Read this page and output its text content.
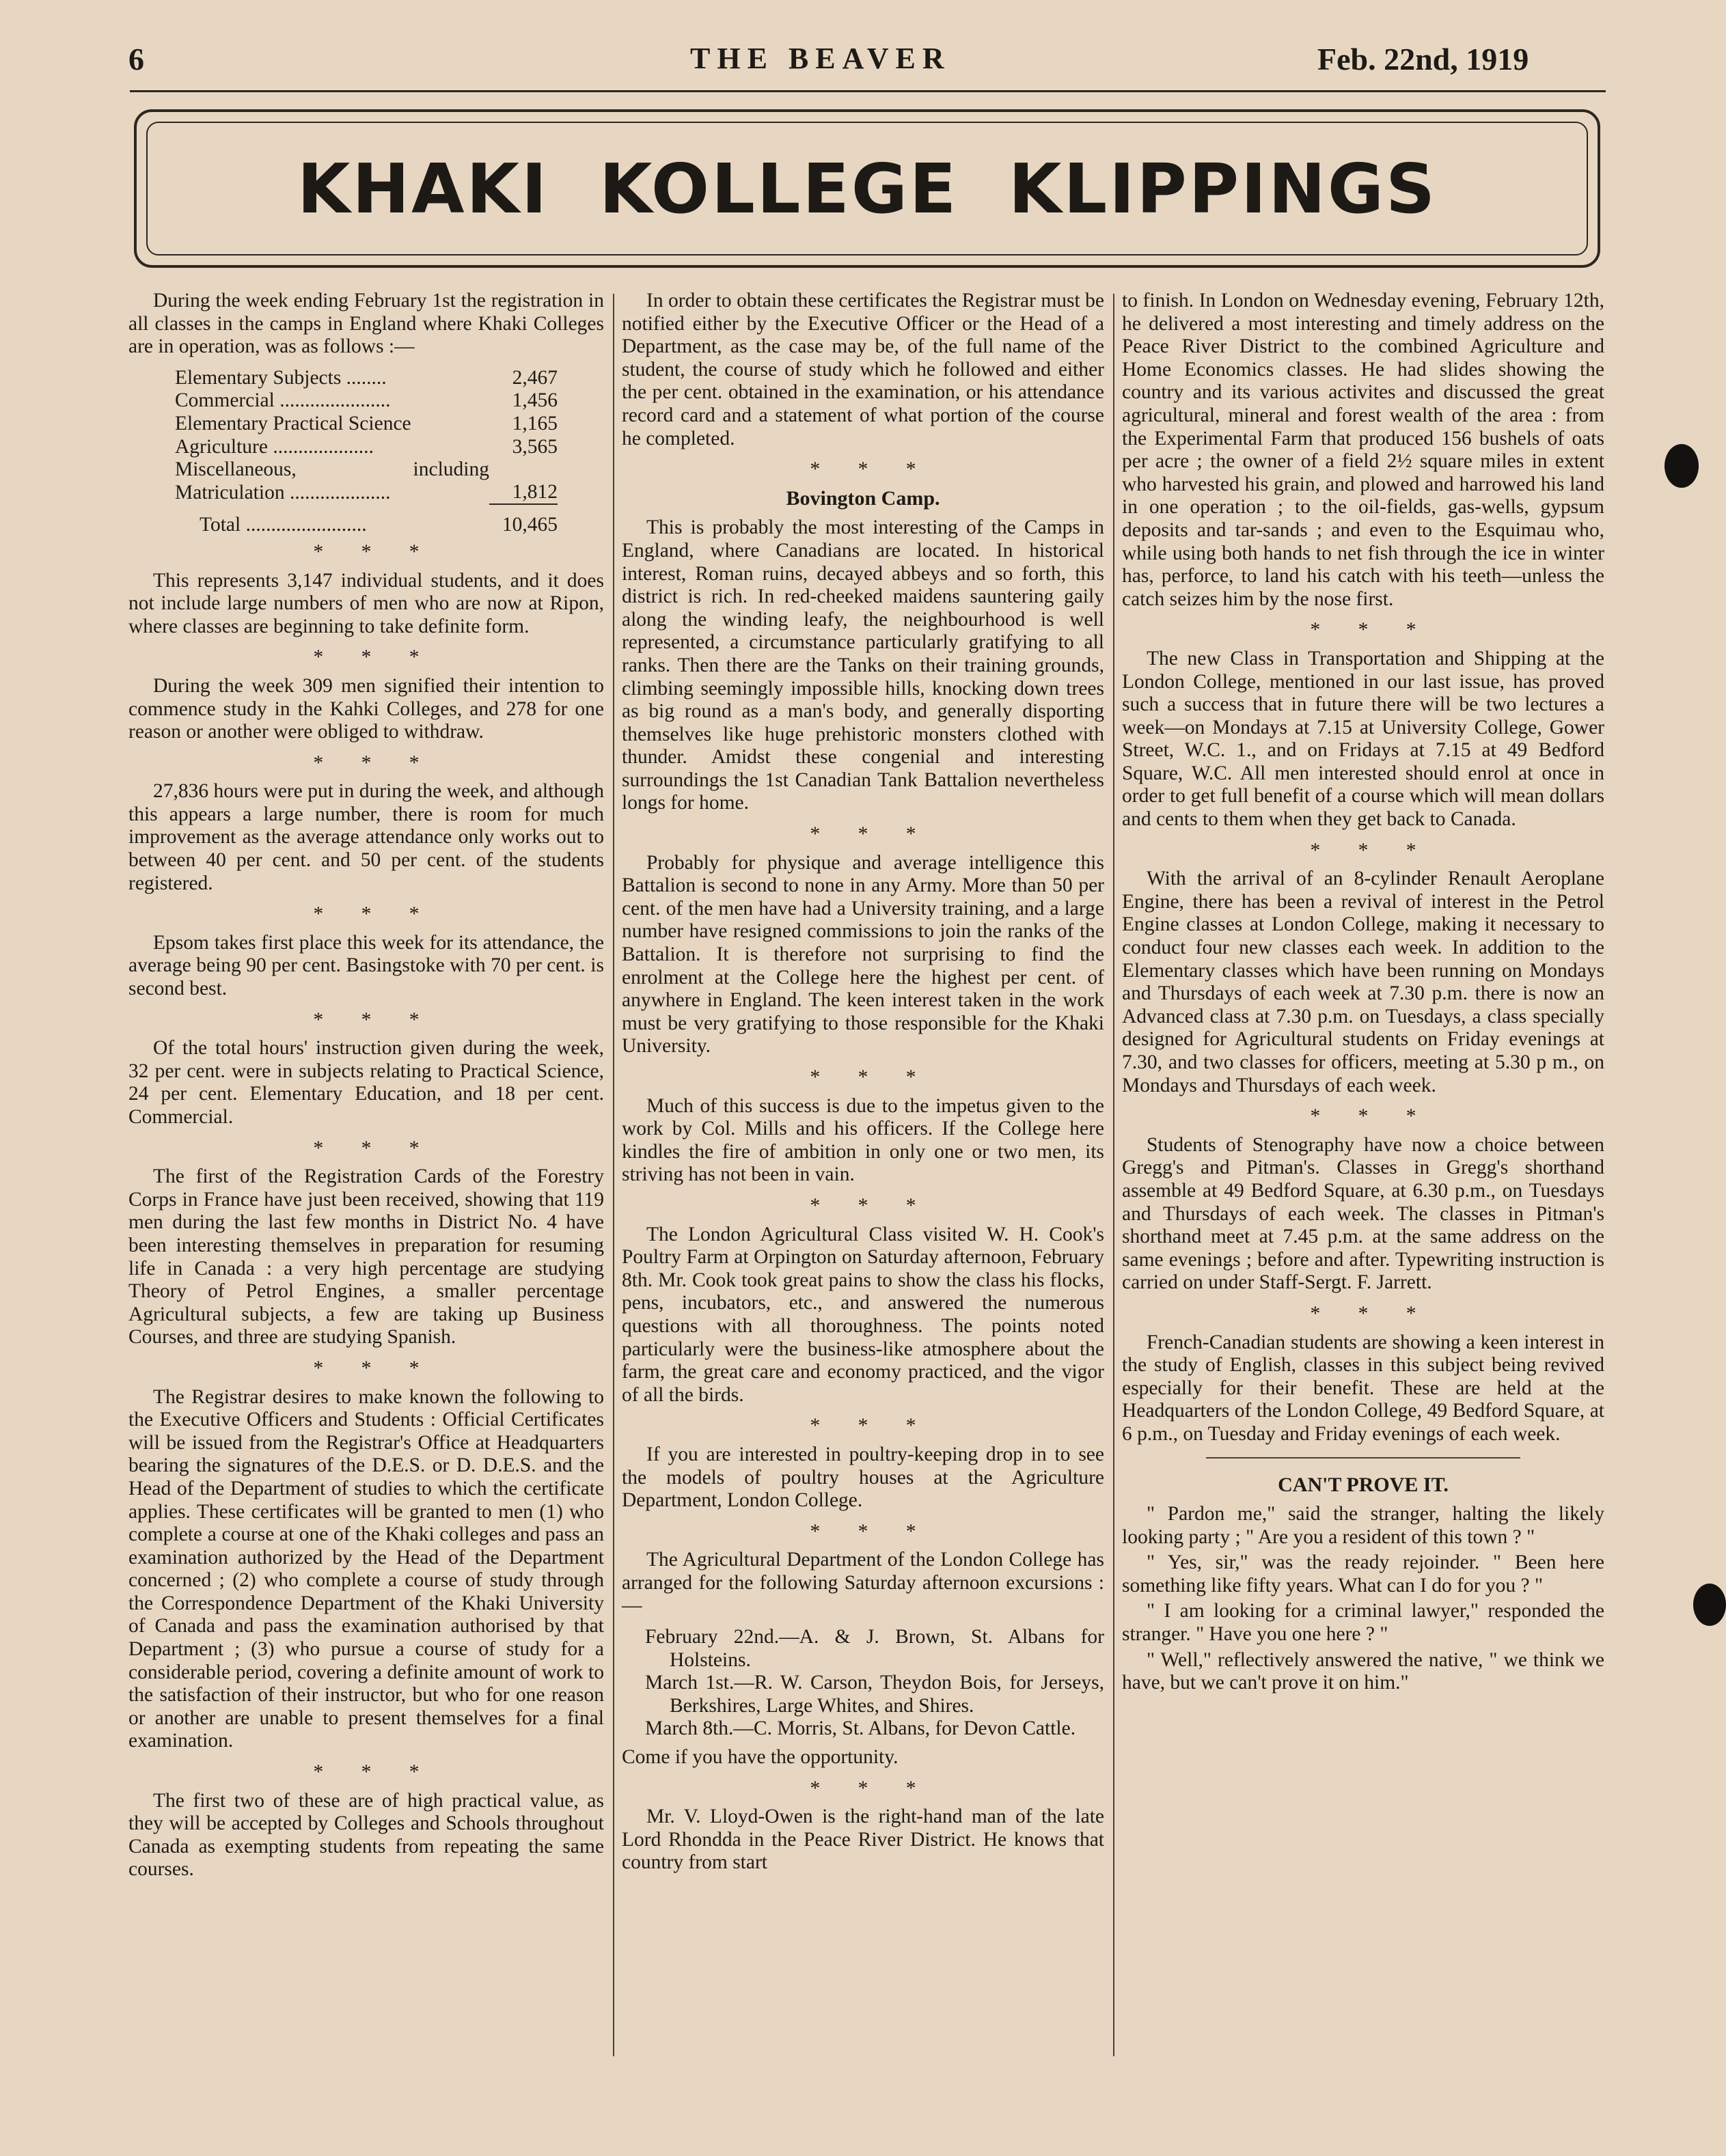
6	THE BEAVER	Feb. 22nd, 1919
KHAKI KOLLEGE KLIPPINGS

During the week ending February 1st the registration in all classes in the camps in England where Khaki Colleges are in operation, was as follows :—

Elementary Subjects ........	2,467
Commercial ......................	1,456
Elementary Practical Science	1,165
Agriculture ....................	3,565
Miscellaneous, including Matriculation ....................	1,812

Total ........................	10,465
* * *

This represents 3,147 individual students, and it does not include large numbers of men who are now at Ripon, where classes are beginning to take definite form.

* * *

During the week 309 men signified their intention to commence study in the Kahki Colleges, and 278 for one reason or another were obliged to withdraw.

* * *

27,836 hours were put in during the week, and although this appears a large number, there is room for much improvement as the average attendance only works out to between 40 per cent. and 50 per cent. of the students registered.

* * *

Epsom takes first place this week for its attendance, the average being 90 per cent. Basingstoke with 70 per cent. is second best.

* * *

Of the total hours' instruction given during the week, 32 per cent. were in subjects relating to Practical Science, 24 per cent. Elementary Education, and 18 per cent. Commercial.

* * *

The first of the Registration Cards of the Forestry Corps in France have just been received, showing that 119 men during the last few months in District No. 4 have been interesting themselves in preparation for resuming life in Canada : a very high percentage are studying Theory of Petrol Engines, a smaller percentage Agricultural subjects, a few are taking up Business Courses, and three are studying Spanish.

* * *

The Registrar desires to make known the following to the Executive Officers and Students : Official Certificates will be issued from the Registrar's Office at Headquarters bearing the signatures of the D.E.S. or D. D.E.S. and the Head of the Department of studies to which the certificate applies. These certificates will be granted to men (1) who complete a course at one of the Khaki colleges and pass an examination authorized by the Head of the Department concerned ; (2) who complete a course of study through the Correspondence Department of the Khaki University of Canada and pass the examination authorised by that Department ; (3) who pursue a course of study for a considerable period, covering a definite amount of work to the satisfaction of their instructor, but who for one reason or another are unable to present themselves for a final examination.

* * *

The first two of these are of high practical value, as they will be accepted by Colleges and Schools throughout Canada as exempting students from repeating the same courses.

In order to obtain these certificates the Registrar must be notified either by the Executive Officer or the Head of a Department, as the case may be, of the full name of the student, the course of study which he followed and either the per cent. obtained in the examination, or his attendance record card and a statement of what portion of the course he completed.

* * *
Bovington Camp.

This is probably the most interesting of the Camps in England, where Canadians are located. In historical interest, Roman ruins, decayed abbeys and so forth, this district is rich. In red-cheeked maidens sauntering gaily along the winding leafy, the neighbourhood is well represented, a circumstance particularly gratifying to all ranks. Then there are the Tanks on their training grounds, climbing seemingly impossible hills, knocking down trees as big round as a man's body, and generally disporting themselves like huge prehistoric monsters clothed with thunder. Amidst these congenial and interesting surroundings the 1st Canadian Tank Battalion nevertheless longs for home.

* * *

Probably for physique and average intelligence this Battalion is second to none in any Army. More than 50 per cent. of the men have had a University training, and a large number have resigned commissions to join the ranks of the Battalion. It is therefore not surprising to find the enrolment at the College here the highest per cent. of anywhere in England. The keen interest taken in the work must be very gratifying to those responsible for the Khaki University.

* * *

Much of this success is due to the impetus given to the work by Col. Mills and his officers. If the College here kindles the fire of ambition in only one or two men, its striving has not been in vain.

* * *

The London Agricultural Class visited W. H. Cook's Poultry Farm at Orpington on Saturday afternoon, February 8th. Mr. Cook took great pains to show the class his flocks, pens, incubators, etc., and answered the numerous questions with all thoroughness. The points noted particularly were the business-like atmosphere about the farm, the great care and economy practiced, and the vigor of all the birds.

* * *

If you are interested in poultry-keeping drop in to see the models of poultry houses at the Agriculture Department, London College.

* * *

The Agricultural Department of the London College has arranged for the following Saturday afternoon excursions :—

February 22nd.—A. & J. Brown, St. Albans for Holsteins.
March 1st.—R. W. Carson, Theydon Bois, for Jerseys, Berkshires, Large Whites, and Shires.
March 8th.—C. Morris, St. Albans, for Devon Cattle.

Come if you have the opportunity.

* * *

Mr. V. Lloyd-Owen is the right-hand man of the late Lord Rhondda in the Peace River District. He knows that country from start

to finish. In London on Wednesday evening, February 12th, he delivered a most interesting and timely address on the Peace River District to the combined Agriculture and Home Economics classes. He had slides showing the country and its various activites and discussed the great agricultural, mineral and forest wealth of the area : from the Experimental Farm that produced 156 bushels of oats per acre ; the owner of a field 2½ square miles in extent who harvested his grain, and plowed and harrowed his land in one operation ; to the oil-fields, gas-wells, gypsum deposits and tar-sands ; and even to the Esquimau who, while using both hands to net fish through the ice in winter has, perforce, to land his catch with his teeth—unless the catch seizes him by the nose first.

* * *

The new Class in Transportation and Shipping at the London College, mentioned in our last issue, has proved such a success that in future there will be two lectures a week—on Mondays at 7.15 at University College, Gower Street, W.C. 1., and on Fridays at 7.15 at 49 Bedford Square, W.C. All men interested should enrol at once in order to get full benefit of a course which will mean dollars and cents to them when they get back to Canada.

* * *

With the arrival of an 8-cylinder Renault Aeroplane Engine, there has been a revival of interest in the Petrol Engine classes at London College, making it necessary to conduct four new classes each week. In addition to the Elementary classes which have been running on Mondays and Thursdays of each week at 7.30 p.m. there is now an Advanced class at 7.30 p.m. on Tuesdays, a class specially designed for Agricultural students on Friday evenings at 7.30, and two classes for officers, meeting at 5.30 p m., on Mondays and Thursdays of each week.

* * *

Students of Stenography have now a choice between Gregg's and Pitman's. Classes in Gregg's shorthand assemble at 49 Bedford Square, at 6.30 p.m., on Tuesdays and Thursdays of each week. The classes in Pitman's shorthand meet at 7.45 p.m. at the same address on the same evenings ; before and after. Typewriting instruction is carried on under Staff-Sergt. F. Jarrett.

* * *

French-Canadian students are showing a keen interest in the study of English, classes in this subject being revived especially for their benefit. These are held at the Headquarters of the London College, 49 Bedford Square, at 6 p.m., on Tuesday and Friday evenings of each week.

CAN'T PROVE IT.

" Pardon me," said the stranger, halting the likely looking party ; " Are you a resident of this town ? "

" Yes, sir," was the ready rejoinder. " Been here something like fifty years. What can I do for you ? "

" I am looking for a criminal lawyer," responded the stranger. " Have you one here ? "

" Well," reflectively answered the native, " we think we have, but we can't prove it on him."
